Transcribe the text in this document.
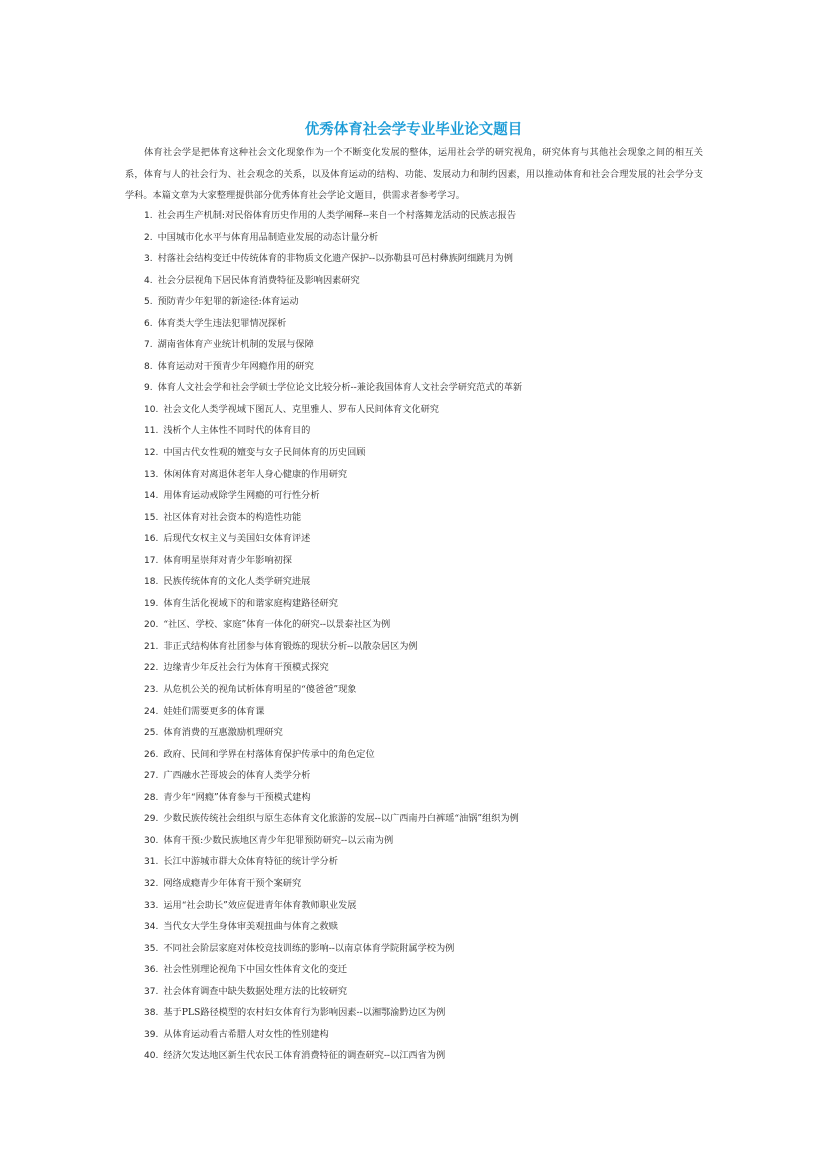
优秀体育社会学专业毕业论文题目

体育社会学是把体育这种社会文化现象作为一个不断变化发展的整体，运用社会学的研究视角，研究体育与其他社会现象之间的相互关系，体育与人的社会行为、社会观念的关系，以及体育运动的结构、功能、发展动力和制约因素，用以推动体育和社会合理发展的社会学分支学科。本篇文章为大家整理提供部分优秀体育社会学论文题目，供需求者参考学习。

1. 社会再生产机制:对民俗体育历史作用的人类学阐释--来自一个村落舞龙活动的民族志报告
2. 中国城市化水平与体育用品制造业发展的动态计量分析
3. 村落社会结构变迁中传统体育的非物质文化遗产保护--以弥勒县可邑村彝族阿细跳月为例
4. 社会分层视角下居民体育消费特征及影响因素研究
5. 预防青少年犯罪的新途径:体育运动
6. 体育类大学生违法犯罪情况探析
7. 湖南省体育产业统计机制的发展与保障
8. 体育运动对干预青少年网瘾作用的研究
9. 体育人文社会学和社会学硕士学位论文比较分析--兼论我国体育人文社会学研究范式的革新
10. 社会文化人类学视域下图瓦人、克里雅人、罗布人民间体育文化研究
11. 浅析个人主体性不同时代的体育目的
12. 中国古代女性观的嬗变与女子民间体育的历史回顾
13. 休闲体育对离退休老年人身心健康的作用研究
14. 用体育运动戒除学生网瘾的可行性分析
15. 社区体育对社会资本的构造性功能
16. 后现代女权主义与美国妇女体育评述
17. 体育明星崇拜对青少年影响初探
18. 民族传统体育的文化人类学研究进展
19. 体育生活化视域下的和谐家庭构建路径研究
20. “社区、学校、家庭”体育一体化的研究--以景泰社区为例
21. 非正式结构体育社团参与体育锻炼的现状分析--以散杂居区为例
22. 边缘青少年反社会行为体育干预模式探究
23. 从危机公关的视角试析体育明星的“傻爸爸”现象
24. 娃娃们需要更多的体育课
25. 体育消费的互惠激励机理研究
26. 政府、民间和学界在村落体育保护传承中的角色定位
27. 广西融水芒哥坡会的体育人类学分析
28. 青少年“网瘾”体育参与干预模式建构
29. 少数民族传统社会组织与原生态体育文化旅游的发展--以广西南丹白裤瑶“油锅”组织为例
30. 体育干预:少数民族地区青少年犯罪预防研究--以云南为例
31. 长江中游城市群大众体育特征的统计学分析
32. 网络成瘾青少年体育干预个案研究
33. 运用“社会助长”效应促进青年体育教师职业发展
34. 当代女大学生身体审美观扭曲与体育之救赎
35. 不同社会阶层家庭对体校竞技训练的影响--以南京体育学院附属学校为例
36. 社会性别理论视角下中国女性体育文化的变迁
37. 社会体育调查中缺失数据处理方法的比较研究
38. 基于PLS路径模型的农村妇女体育行为影响因素--以湘鄂渝黔边区为例
39. 从体育运动看古希腊人对女性的性别建构
40. 经济欠发达地区新生代农民工体育消费特征的调查研究--以江西省为例
